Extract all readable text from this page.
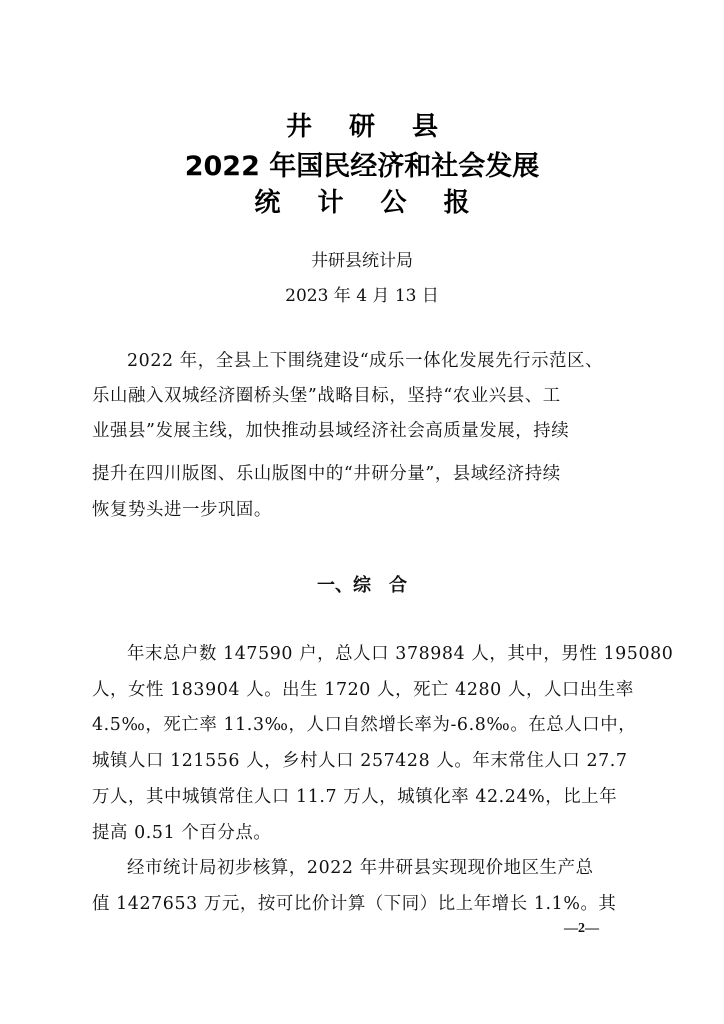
井 研 县
2022 年国民经济和社会发展
统 计 公 报
井研县统计局
2023 年 4 月 13 日
2022 年，全县上下围绕建设“成乐一体化发展先行示范区、
乐山融入双城经济圈桥头堡”战略目标，坚持“农业兴县、工
业强县”发展主线，加快推动县域经济社会高质量发展，持续
提升在四川版图、乐山版图中的“井研分量”，县域经济持续
恢复势头进一步巩固。
一、综　合
年末总户数 147590 户，总人口 378984 人，其中，男性 195080
人，女性 183904 人。出生 1720 人，死亡 4280 人，人口出生率
4.5‰，死亡率 11.3‰，人口自然增长率为-6.8‰。在总人口中，
城镇人口 121556 人，乡村人口 257428 人。年末常住人口 27.7
万人，其中城镇常住人口 11.7 万人，城镇化率 42.24%，比上年
提高 0.51 个百分点。
经市统计局初步核算，2022 年井研县实现现价地区生产总
值 1427653 万元，按可比价计算（下同）比上年增长 1.1%。其
—2—
